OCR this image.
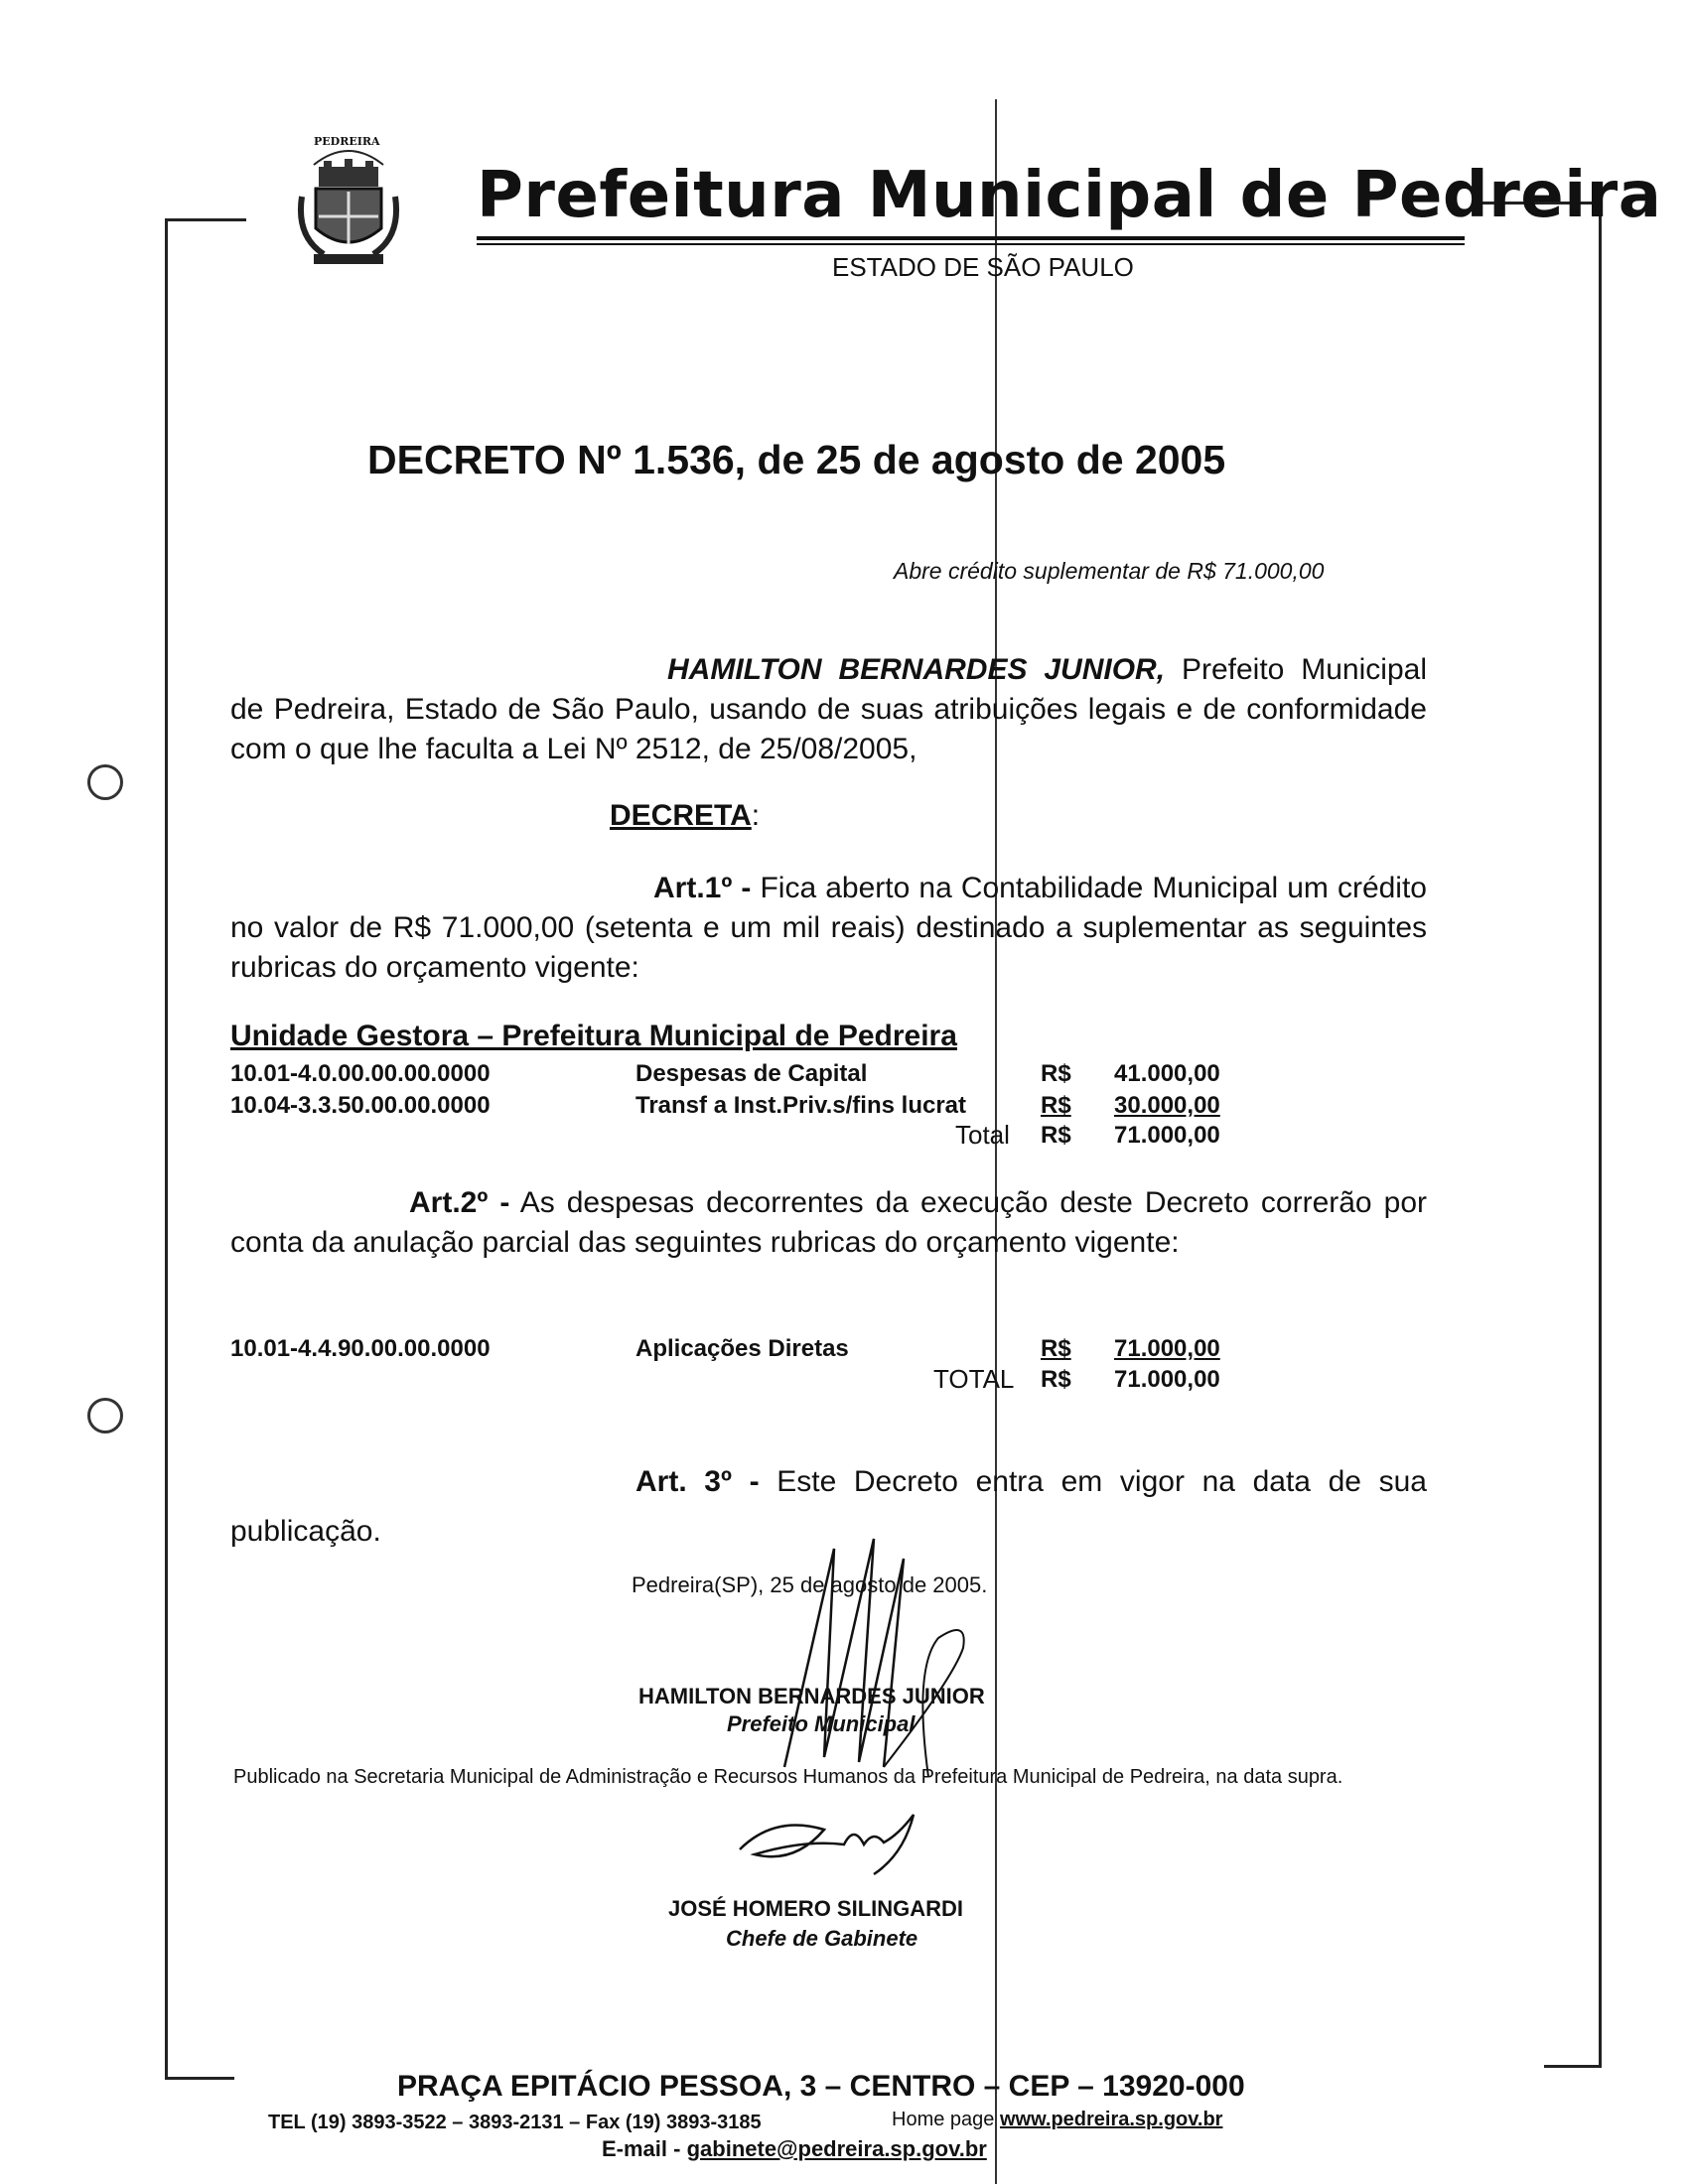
PEDREIRA
Prefeitura Municipal de Pedreira
ESTADO DE SÃO PAULO
DECRETO Nº 1.536, de 25 de agosto de 2005
Abre crédito suplementar de R$ 71.000,00
HAMILTON BERNARDES JUNIOR, Prefeito Municipal de Pedreira, Estado de São Paulo, usando de suas atribuições legais e de conformidade com o que lhe faculta a Lei Nº 2512, de 25/08/2005,
DECRETA:
Art.1º - Fica aberto na Contabilidade Municipal um crédito no valor de R$ 71.000,00 (setenta e um mil reais) destinado a suplementar as seguintes rubricas do orçamento vigente:
Unidade Gestora – Prefeitura Municipal de Pedreira
10.01-4.0.00.00.00.0000	Despesas de Capital	R$ 41.000,00
10.04-3.3.50.00.00.0000	Transf a Inst.Priv.s/fins lucrat	R$ 30.000,00
Total R$ 71.000,00
Art.2º - As despesas decorrentes da execução deste Decreto correrão por conta da anulação parcial das seguintes rubricas do orçamento vigente:
10.01-4.4.90.00.00.0000	Aplicações Diretas	R$ 71.000,00
TOTAL R$ 71.000,00
Art. 3º - Este Decreto entra em vigor na data de sua publicação.
Pedreira(SP), 25 de agosto de 2005.
HAMILTON BERNARDES JUNIOR
Prefeito Municipal
Publicado na Secretaria Municipal de Administração e Recursos Humanos da Prefeitura Municipal de Pedreira, na data supra.
JOSÉ HOMERO SILINGARDI
Chefe de Gabinete
PRAÇA EPITÁCIO PESSOA, 3 – CENTRO – CEP – 13920-000
TEL (19) 3893-3522 – 3893-2131 – Fax (19) 3893-3185	Home page www.pedreira.sp.gov.br
E-mail - gabinete@pedreira.sp.gov.br
